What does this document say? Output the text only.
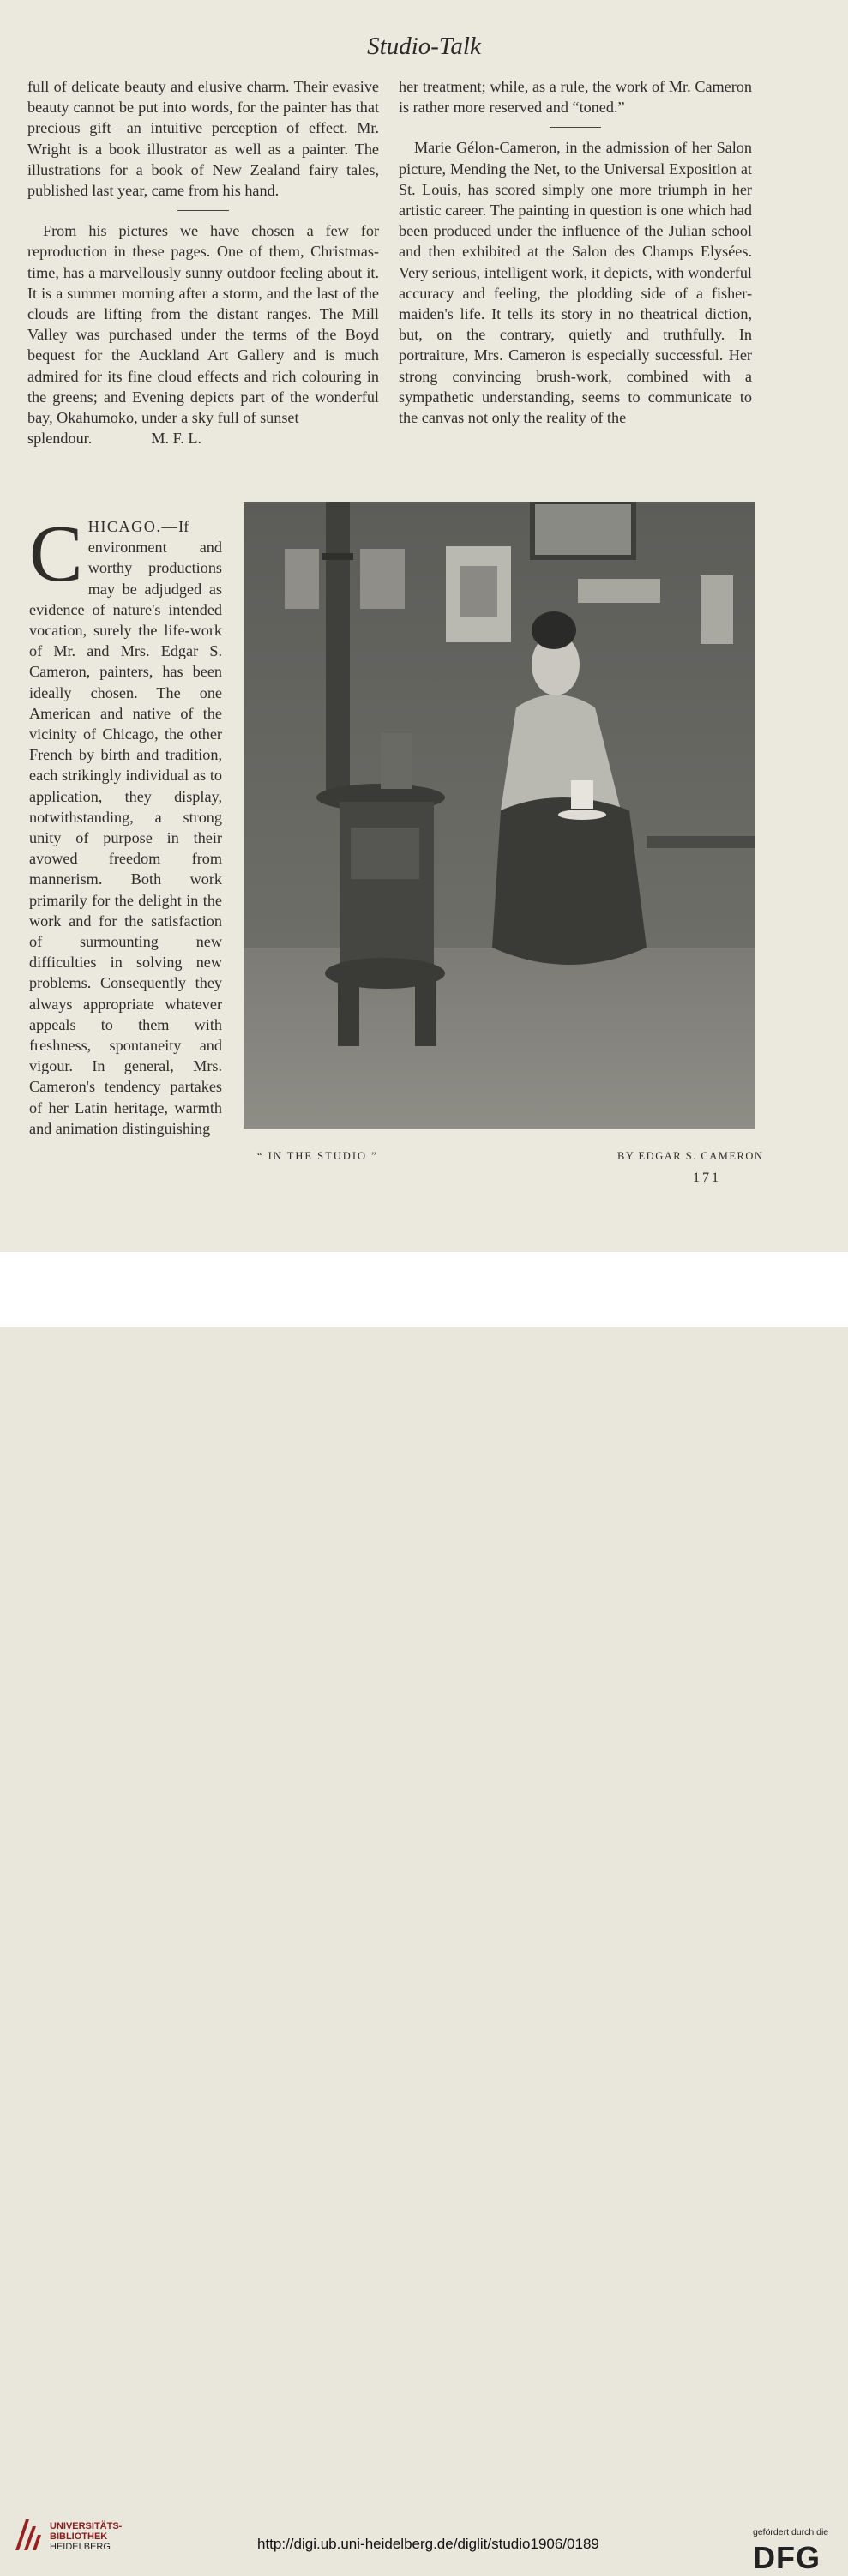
Studio-Talk

full of delicate beauty and elusive charm. Their evasive beauty cannot be put into words, for the painter has that precious gift—an intuitive perception of effect. Mr. Wright is a book illustrator as well as a painter. The illustrations for a book of New Zealand fairy tales, published last year, came from his hand.

From his pictures we have chosen a few for reproduction in these pages. One of them, Christmas-time, has a marvellously sunny outdoor feeling about it. It is a summer morning after a storm, and the last of the clouds are lifting from the distant ranges. The Mill Valley was purchased under the terms of the Boyd bequest for the Auckland Art Gallery and is much admired for its fine cloud effects and rich colouring in the greens; and Evening depicts part of the wonderful bay, Okahumoko, under a sky full of sunset

splendour.	M. F. L.

CHICAGO.—If environment and worthy productions may be adjudged as evidence of nature's intended vocation, surely the life-work of Mr. and Mrs. Edgar S. Cameron, painters, has been ideally chosen. The one American and native of the vicinity of Chicago, the other French by birth and tradition, each strikingly individual as to application, they display, notwithstanding, a strong unity of purpose in their avowed freedom from mannerism. Both work primarily for the delight in the work and for the satisfaction of surmounting new difficulties in solving new problems. Consequently they always appropriate whatever appeals to them with freshness, spontaneity and vigour. In general, Mrs. Cameron's tendency partakes of her Latin heritage, warmth and animation distinguishing

her treatment; while, as a rule, the work of Mr. Cameron is rather more reserved and “toned.”

Marie Gélon-Cameron, in the admission of her Salon picture, Mending the Net, to the Universal Exposition at St. Louis, has scored simply one more triumph in her artistic career. The painting in question is one which had been produced under the influence of the Julian school and then exhibited at the Salon des Champs Elysées. Very serious, intelligent work, it depicts, with wonderful accuracy and feeling, the plodding side of a fisher-maiden's life. It tells its story in no theatrical diction, but, on the contrary, quietly and truthfully. In portraiture, Mrs. Cameron is especially successful. Her strong convincing brush-work, combined with a sympathetic understanding, seems to communicate to the canvas not only the reality of the

“ IN THE STUDIO ”	BY EDGAR S. CAMERON
171
UNIVERSITÄTS-
BIBLIOTHEK
HEIDELBERG	http://digi.ub.uni-heidelberg.de/diglit/studio1906/0189
gefördert durch die
DFG
